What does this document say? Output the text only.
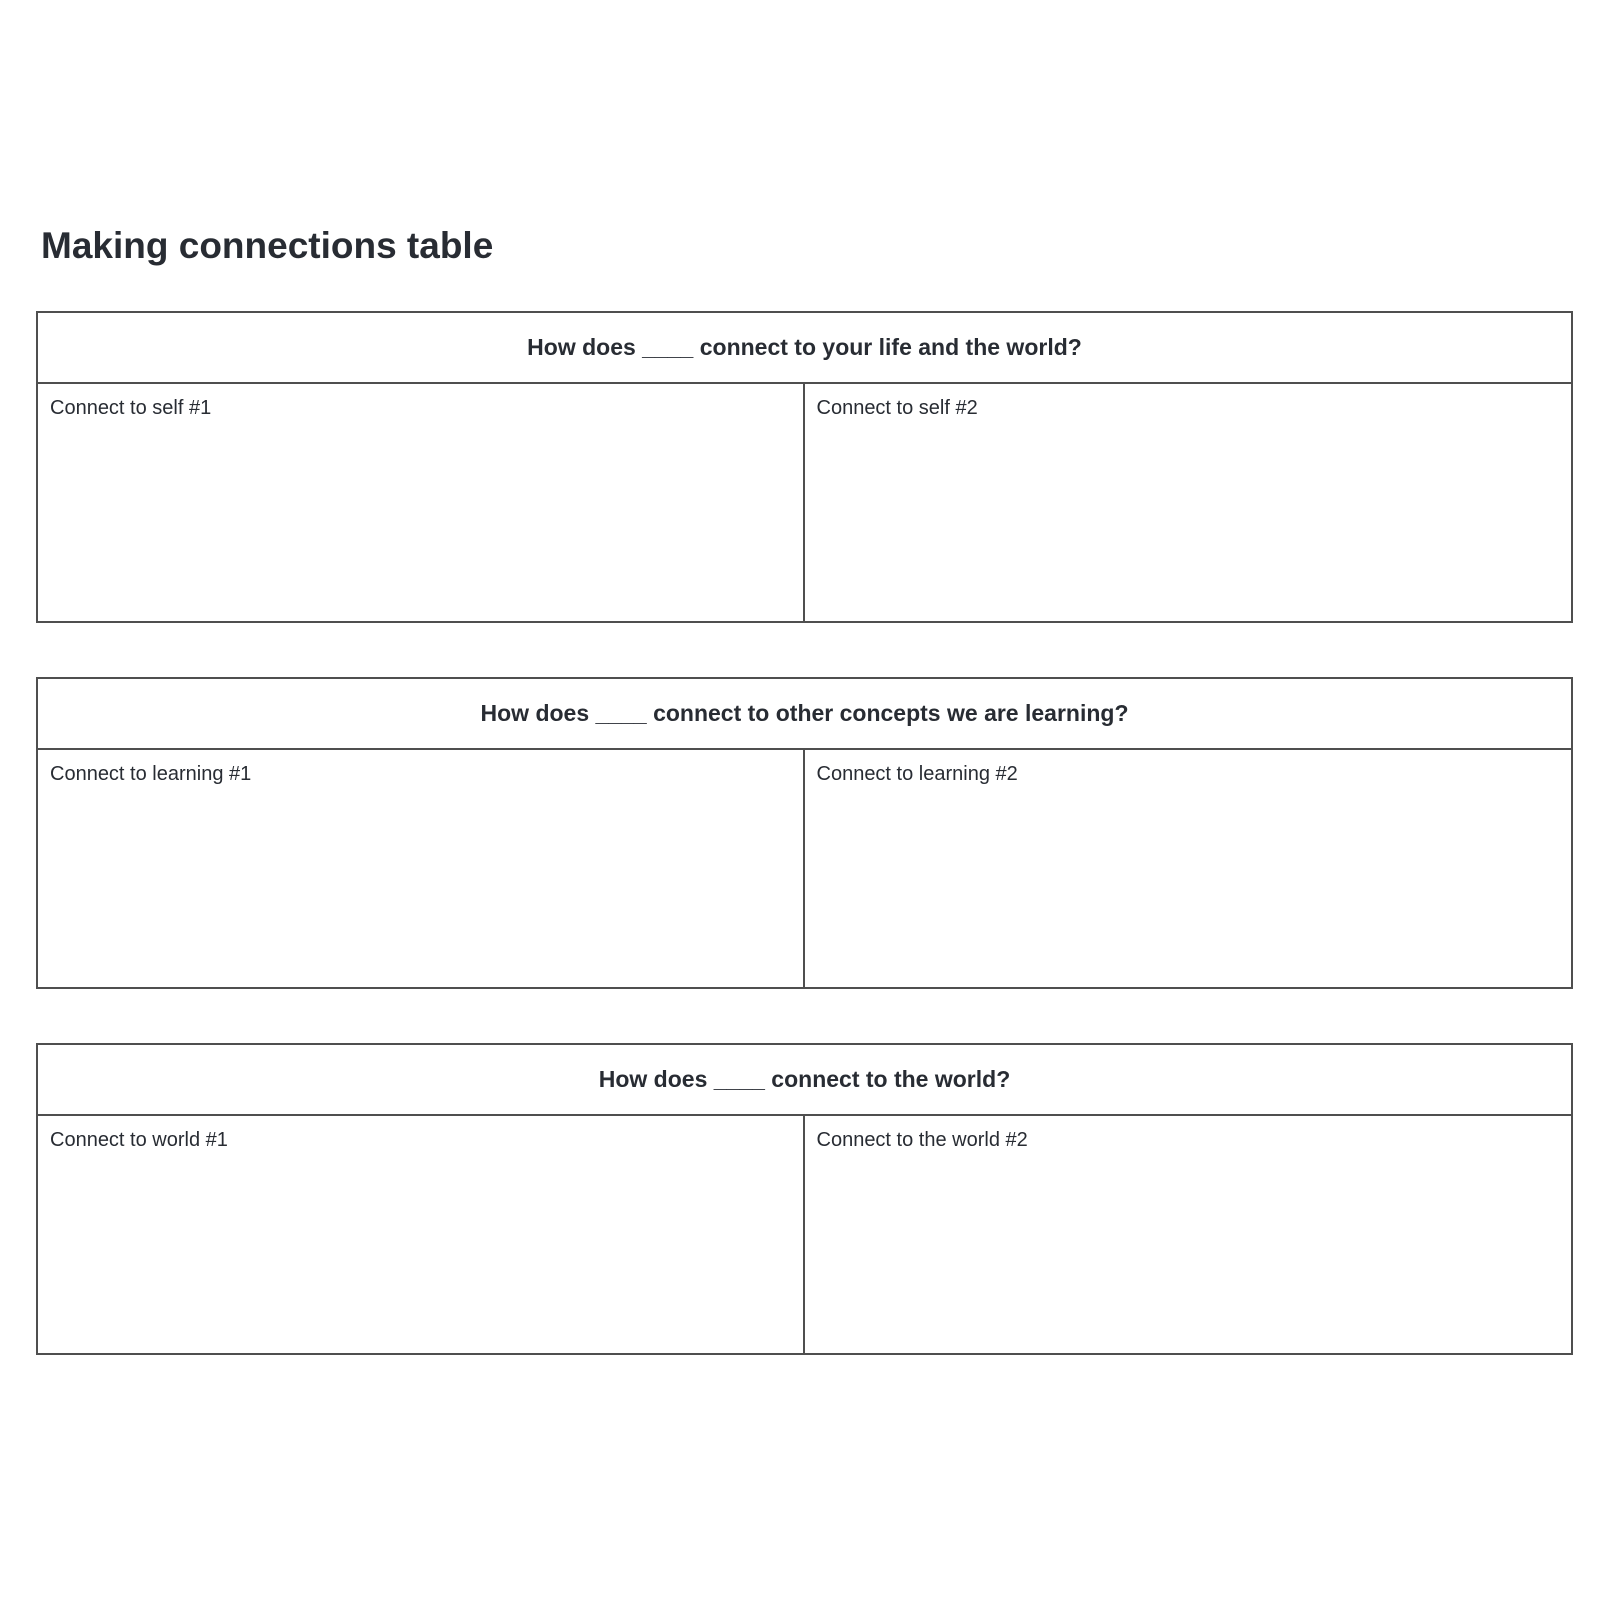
Making connections table
How does ____ connect to your life and the world?
Connect to self #1	Connect to self #2
How does ____ connect to other concepts we are learning?
Connect to learning #1	Connect to learning #2
How does ____ connect to the world?
Connect to world #1	Connect to the world #2
